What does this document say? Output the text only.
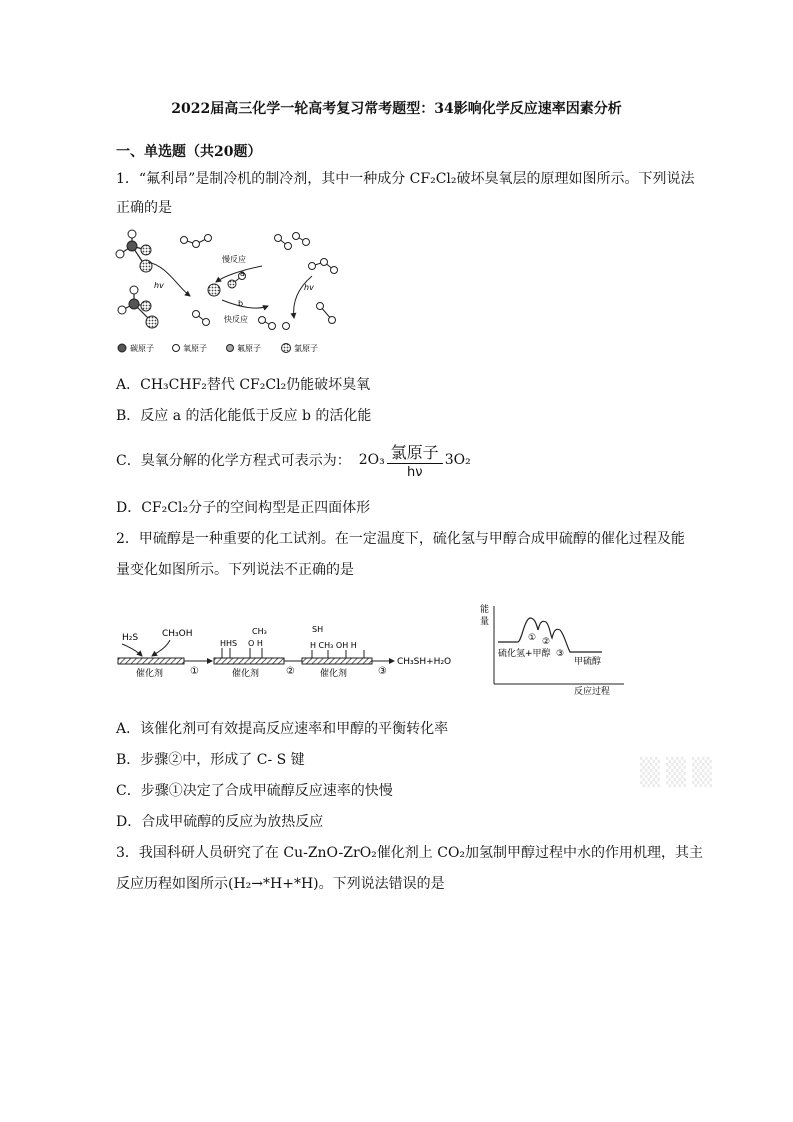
2022届高三化学一轮高考复习常考题型：34影响化学反应速率因素分析
一、单选题（共20题）
1．“氟利昂”是制冷机的制冷剂，其中一种成分 CF₂Cl₂破坏臭氧层的原理如图所示。下列说法
正确的是
hv
慢反应
a
b
快反应
hv
碳原子	氧原子	氟原子	氯原子
A．CH₃CHF₂替代 CF₂Cl₂仍能破坏臭氧
B．反应 a 的活化能低于反应 b 的活化能
C．臭氧分解的化学方程式可表示为： $2O_3 \frac{\text{氯原子}}{h\nu} 3O_2$
D．CF₂Cl₂分子的空间构型是正四面体形
2．甲硫醇是一种重要的化工试剂。在一定温度下，硫化氢与甲醇合成甲硫醇的催化过程及能
量变化如图所示。下列说法不正确的是
H₂S	CH₃OH
催化剂	①
HHS
CH₃
O H
催化剂	②
SH
H CH₃ OH H
催化剂	③
CH₃SH+H₂O
能
量
硫化氢+甲醇
甲硫醇
反应过程
① ②
③
A．该催化剂可有效提高反应速率和甲醇的平衡转化率
B．步骤②中，形成了 C- S 键
C．步骤①决定了合成甲硫醇反应速率的快慢
D．合成甲硫醇的反应为放热反应
3．我国科研人员研究了在 Cu-ZnO-ZrO₂催化剂上 CO₂加氢制甲醇过程中水的作用机理，其主
反应历程如图所示(H₂→*H+*H)。下列说法错误的是
▒▒▒
